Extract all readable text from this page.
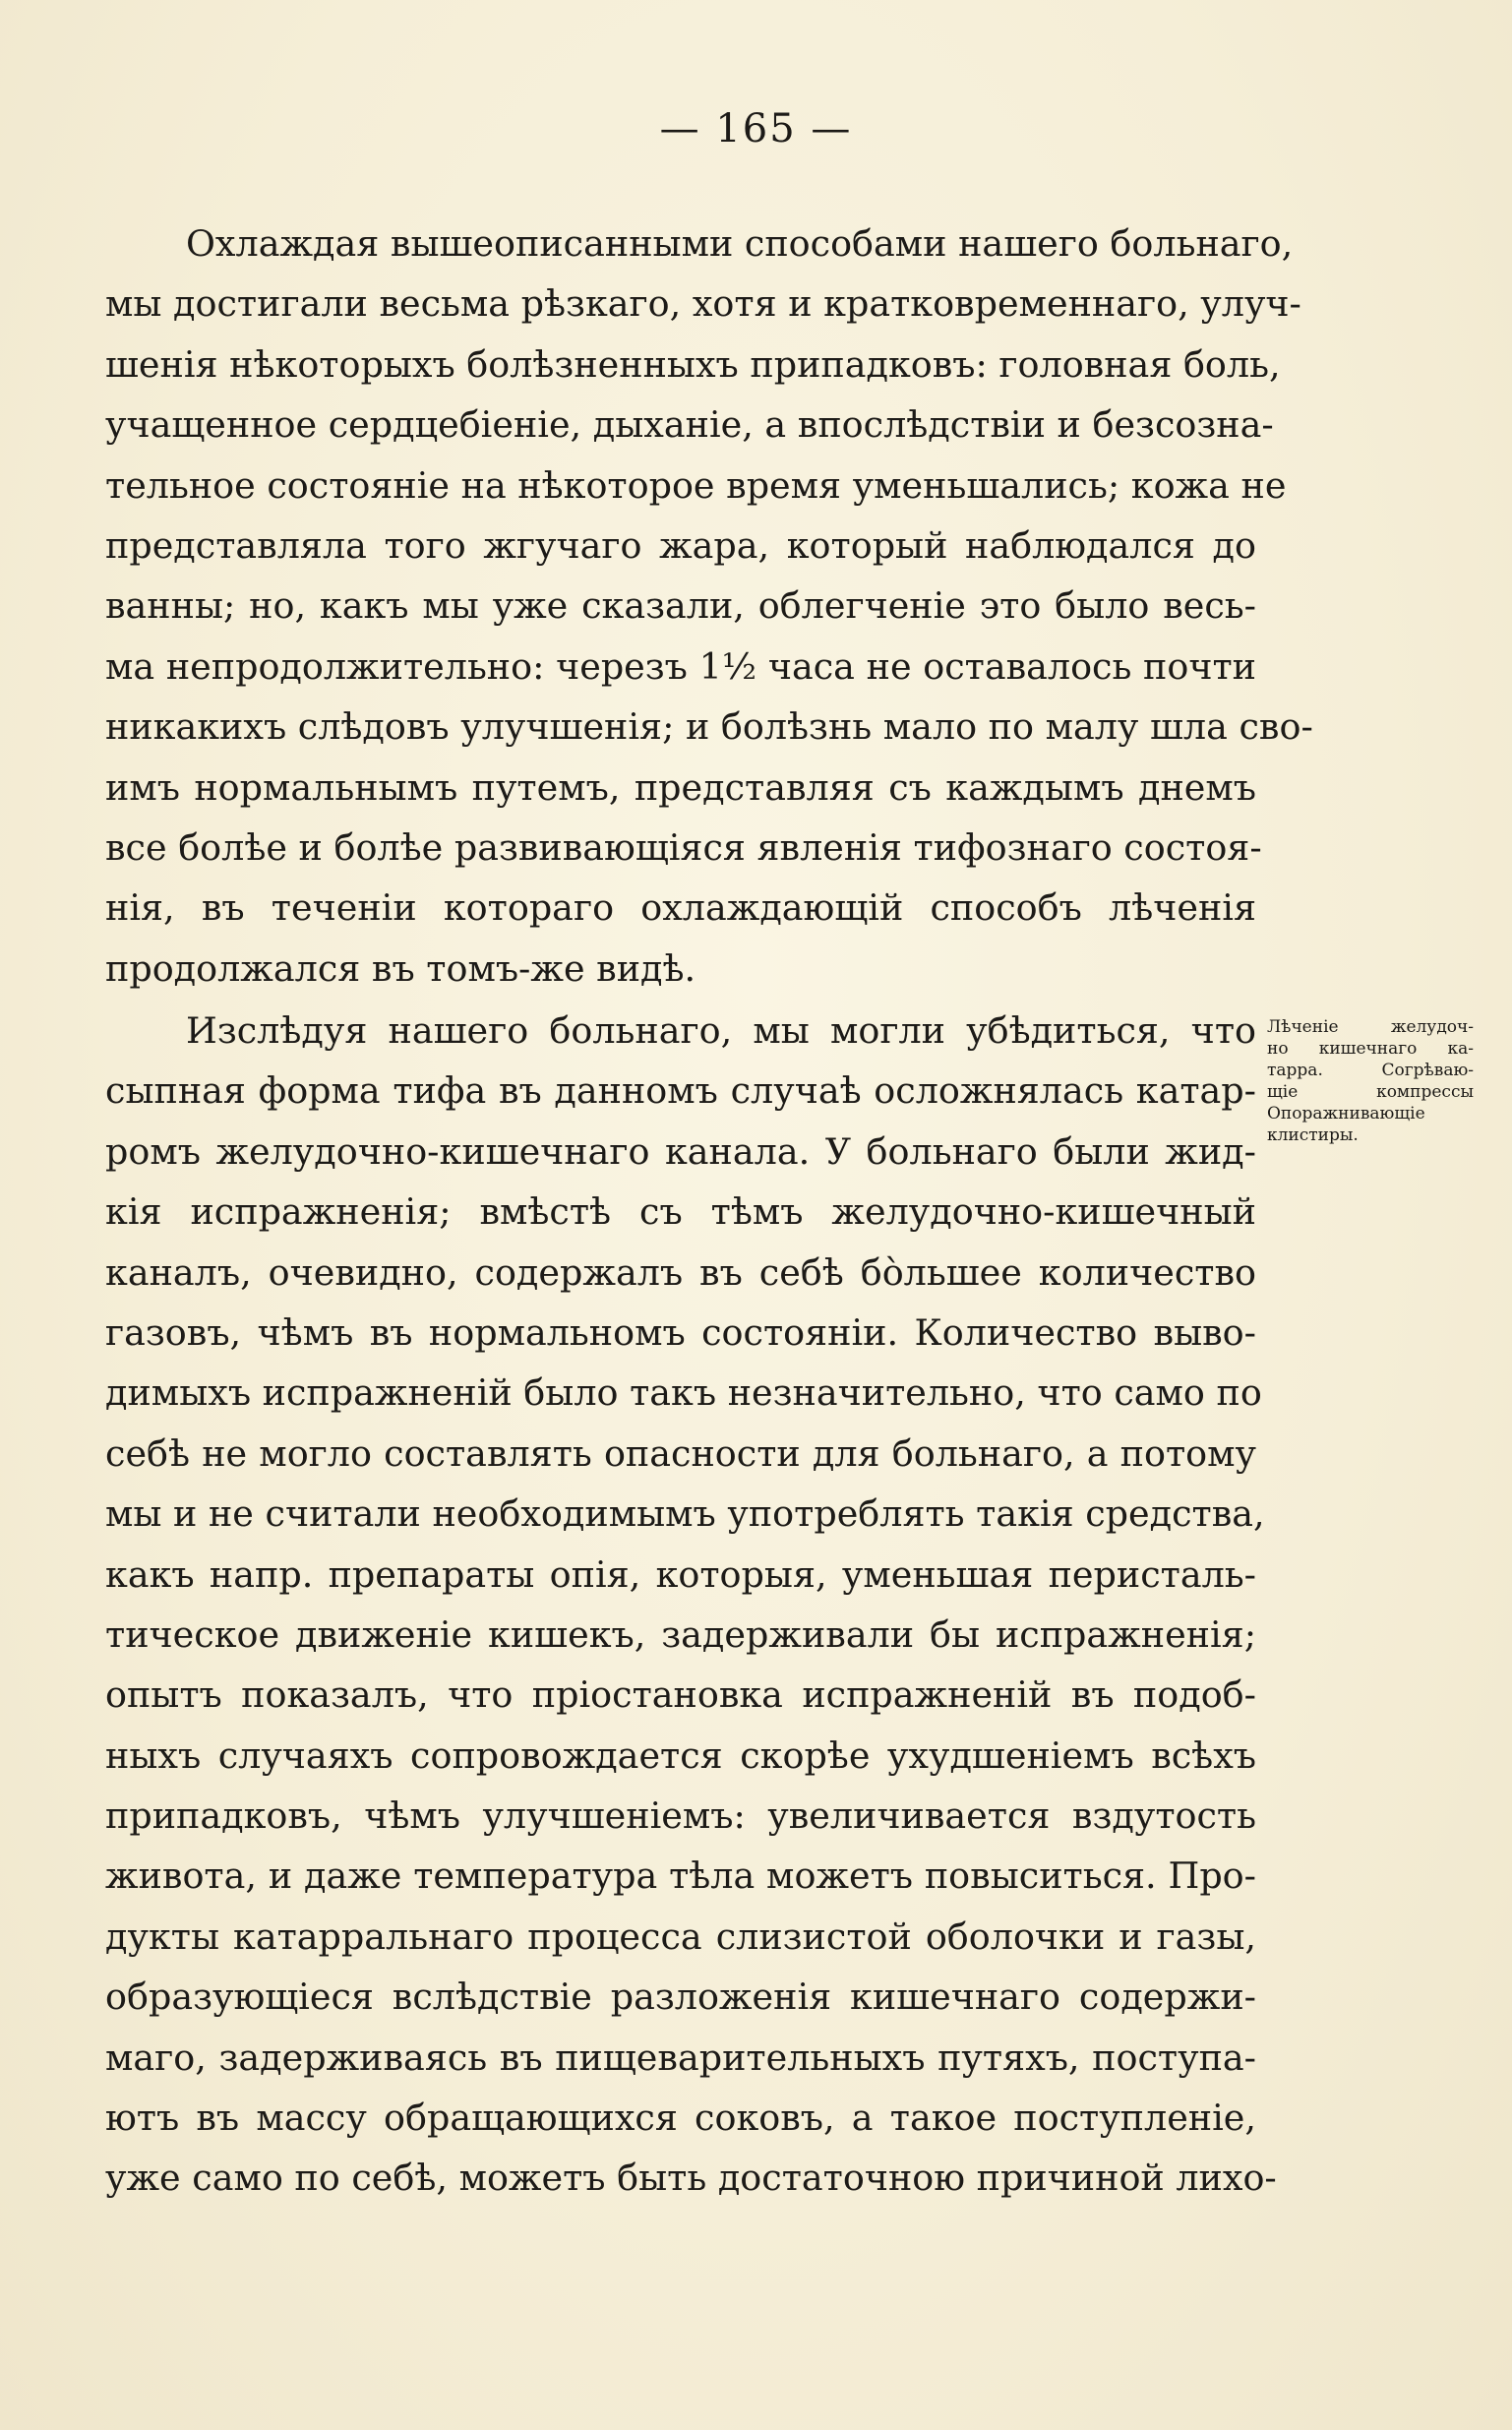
— 165 —
Охлаждая вышеописанными способами нашего больнаго,
мы достигали весьма рѣзкаго, хотя и кратковременнаго, улуч-
шенія нѣкоторыхъ болѣзненныхъ припадковъ: головная боль,
учащенное сердцебіеніе, дыханіе, а впослѣдствіи и безсозна-
тельное состояніе на нѣкоторое время уменьшались; кожа не
представляла того жгучаго жара, который наблюдался до
ванны; но, какъ мы уже сказали, облегченіе это было весь-
ма непродолжительно: черезъ 1½ часа не оставалось почти
никакихъ слѣдовъ улучшенія; и болѣзнь мало по малу шла сво-
имъ нормальнымъ путемъ, представляя съ каждымъ днемъ
все болѣе и болѣе развивающіяся явленія тифознаго состоя-
нія, въ теченіи котораго охлаждающій способъ лѣченія
продолжался въ томъ-же видѣ.
Изслѣдуя нашего больнаго, мы могли убѣдиться, что
сыпная форма тифа въ данномъ случаѣ осложнялась катар-
ромъ желудочно-кишечнаго канала. У больнаго были жид-
кія испражненія; вмѣстѣ съ тѣмъ желудочно-кишечный
каналъ, очевидно, содержалъ въ себѣ бо̀льшее количество
газовъ, чѣмъ въ нормальномъ состояніи. Количество выво-
димыхъ испражненій было такъ незначительно, что само по
себѣ не могло составлять опасности для больнаго, а потому
мы и не считали необходимымъ употреблять такія средства,
какъ напр. препараты опія, которыя, уменьшая перисталь-
тическое движеніе кишекъ, задерживали бы испражненія;
опытъ показалъ, что пріостановка испражненій въ подоб-
ныхъ случаяхъ сопровождается скорѣе ухудшеніемъ всѣхъ
припадковъ, чѣмъ улучшеніемъ: увеличивается вздутость
живота, и даже температура тѣла можетъ повыситься. Про-
дукты катарральнаго процесса слизистой оболочки и газы,
образующіеся вслѣдствіе разложенія кишечнаго содержи-
маго, задерживаясь въ пищеварительныхъ путяхъ, поступа-
ютъ въ массу обращающихся соковъ, а такое поступленіе,
уже само по себѣ, можетъ быть достаточною причиной лихо-
Лѣченіе желудоч-
но кишечнаго ка-
тарра. Согрѣваю-
щіе компрессы
Опоражнивающіе
клистиры.
